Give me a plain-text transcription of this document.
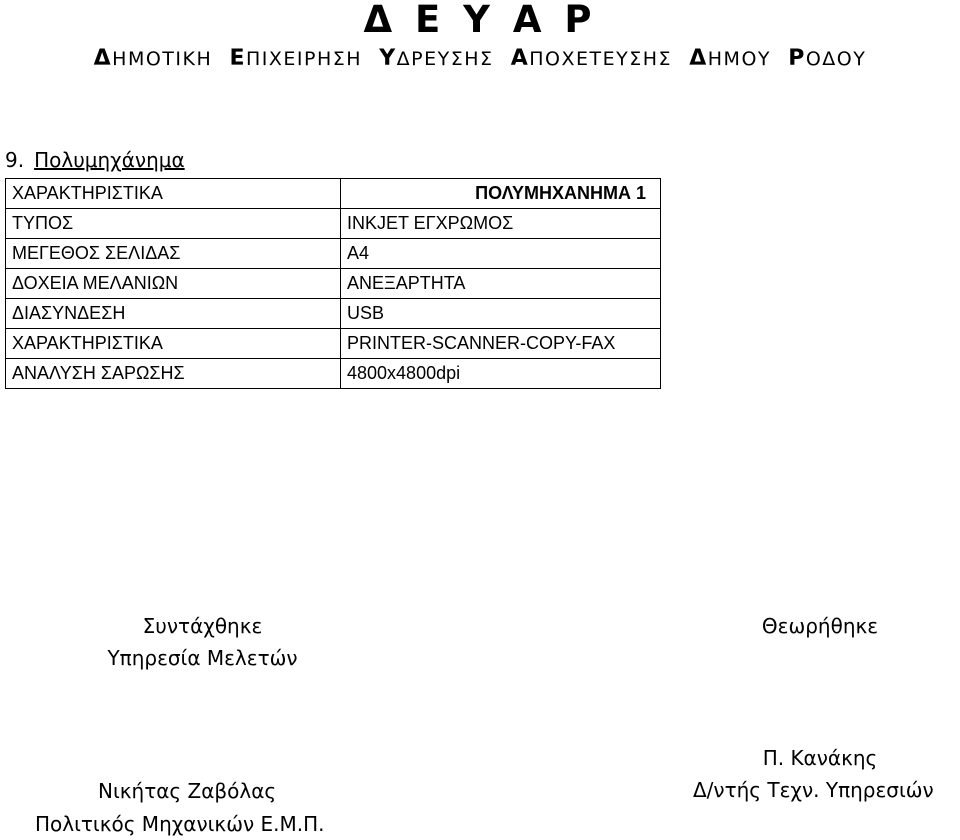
Δ Ε Υ Α Ρ
ΔΗΜΟΤΙΚΗ ΕΠΙΧΕΙΡΗΣΗ ΥΔΡΕΥΣΗΣ ΑΠΟΧΕΤΕΥΣΗΣ ΔΗΜΟΥ ΡΟΔΟΥ
9. Πολυμηχάνημα
ΧΑΡΑΚΤΗΡΙΣΤΙΚΑ	ΠΟΛΥΜΗΧΑΝΗΜΑ 1
ΤΥΠΟΣ	INKJET ΕΓΧΡΩΜΟΣ
ΜΕΓΕΘΟΣ ΣΕΛΙΔΑΣ	A4
ΔΟΧΕΙΑ ΜΕΛΑΝΙΩΝ	ΑΝΕΞΑΡΤΗΤΑ
ΔΙΑΣΥΝΔΕΣΗ	USB
ΧΑΡΑΚΤΗΡΙΣΤΙΚΑ	PRINTER-SCANNER-COPY-FAX
ΑΝΑΛΥΣΗ ΣΑΡΩΣΗΣ	4800x4800dpi
Συντάχθηκε
Υπηρεσία Μελετών
Θεωρήθηκε
Π. Κανάκης
Δ/ντής Τεχν. Υπηρεσιών
Νικήτας Ζαβόλας
Πολιτικός Μηχανικών Ε.Μ.Π.
